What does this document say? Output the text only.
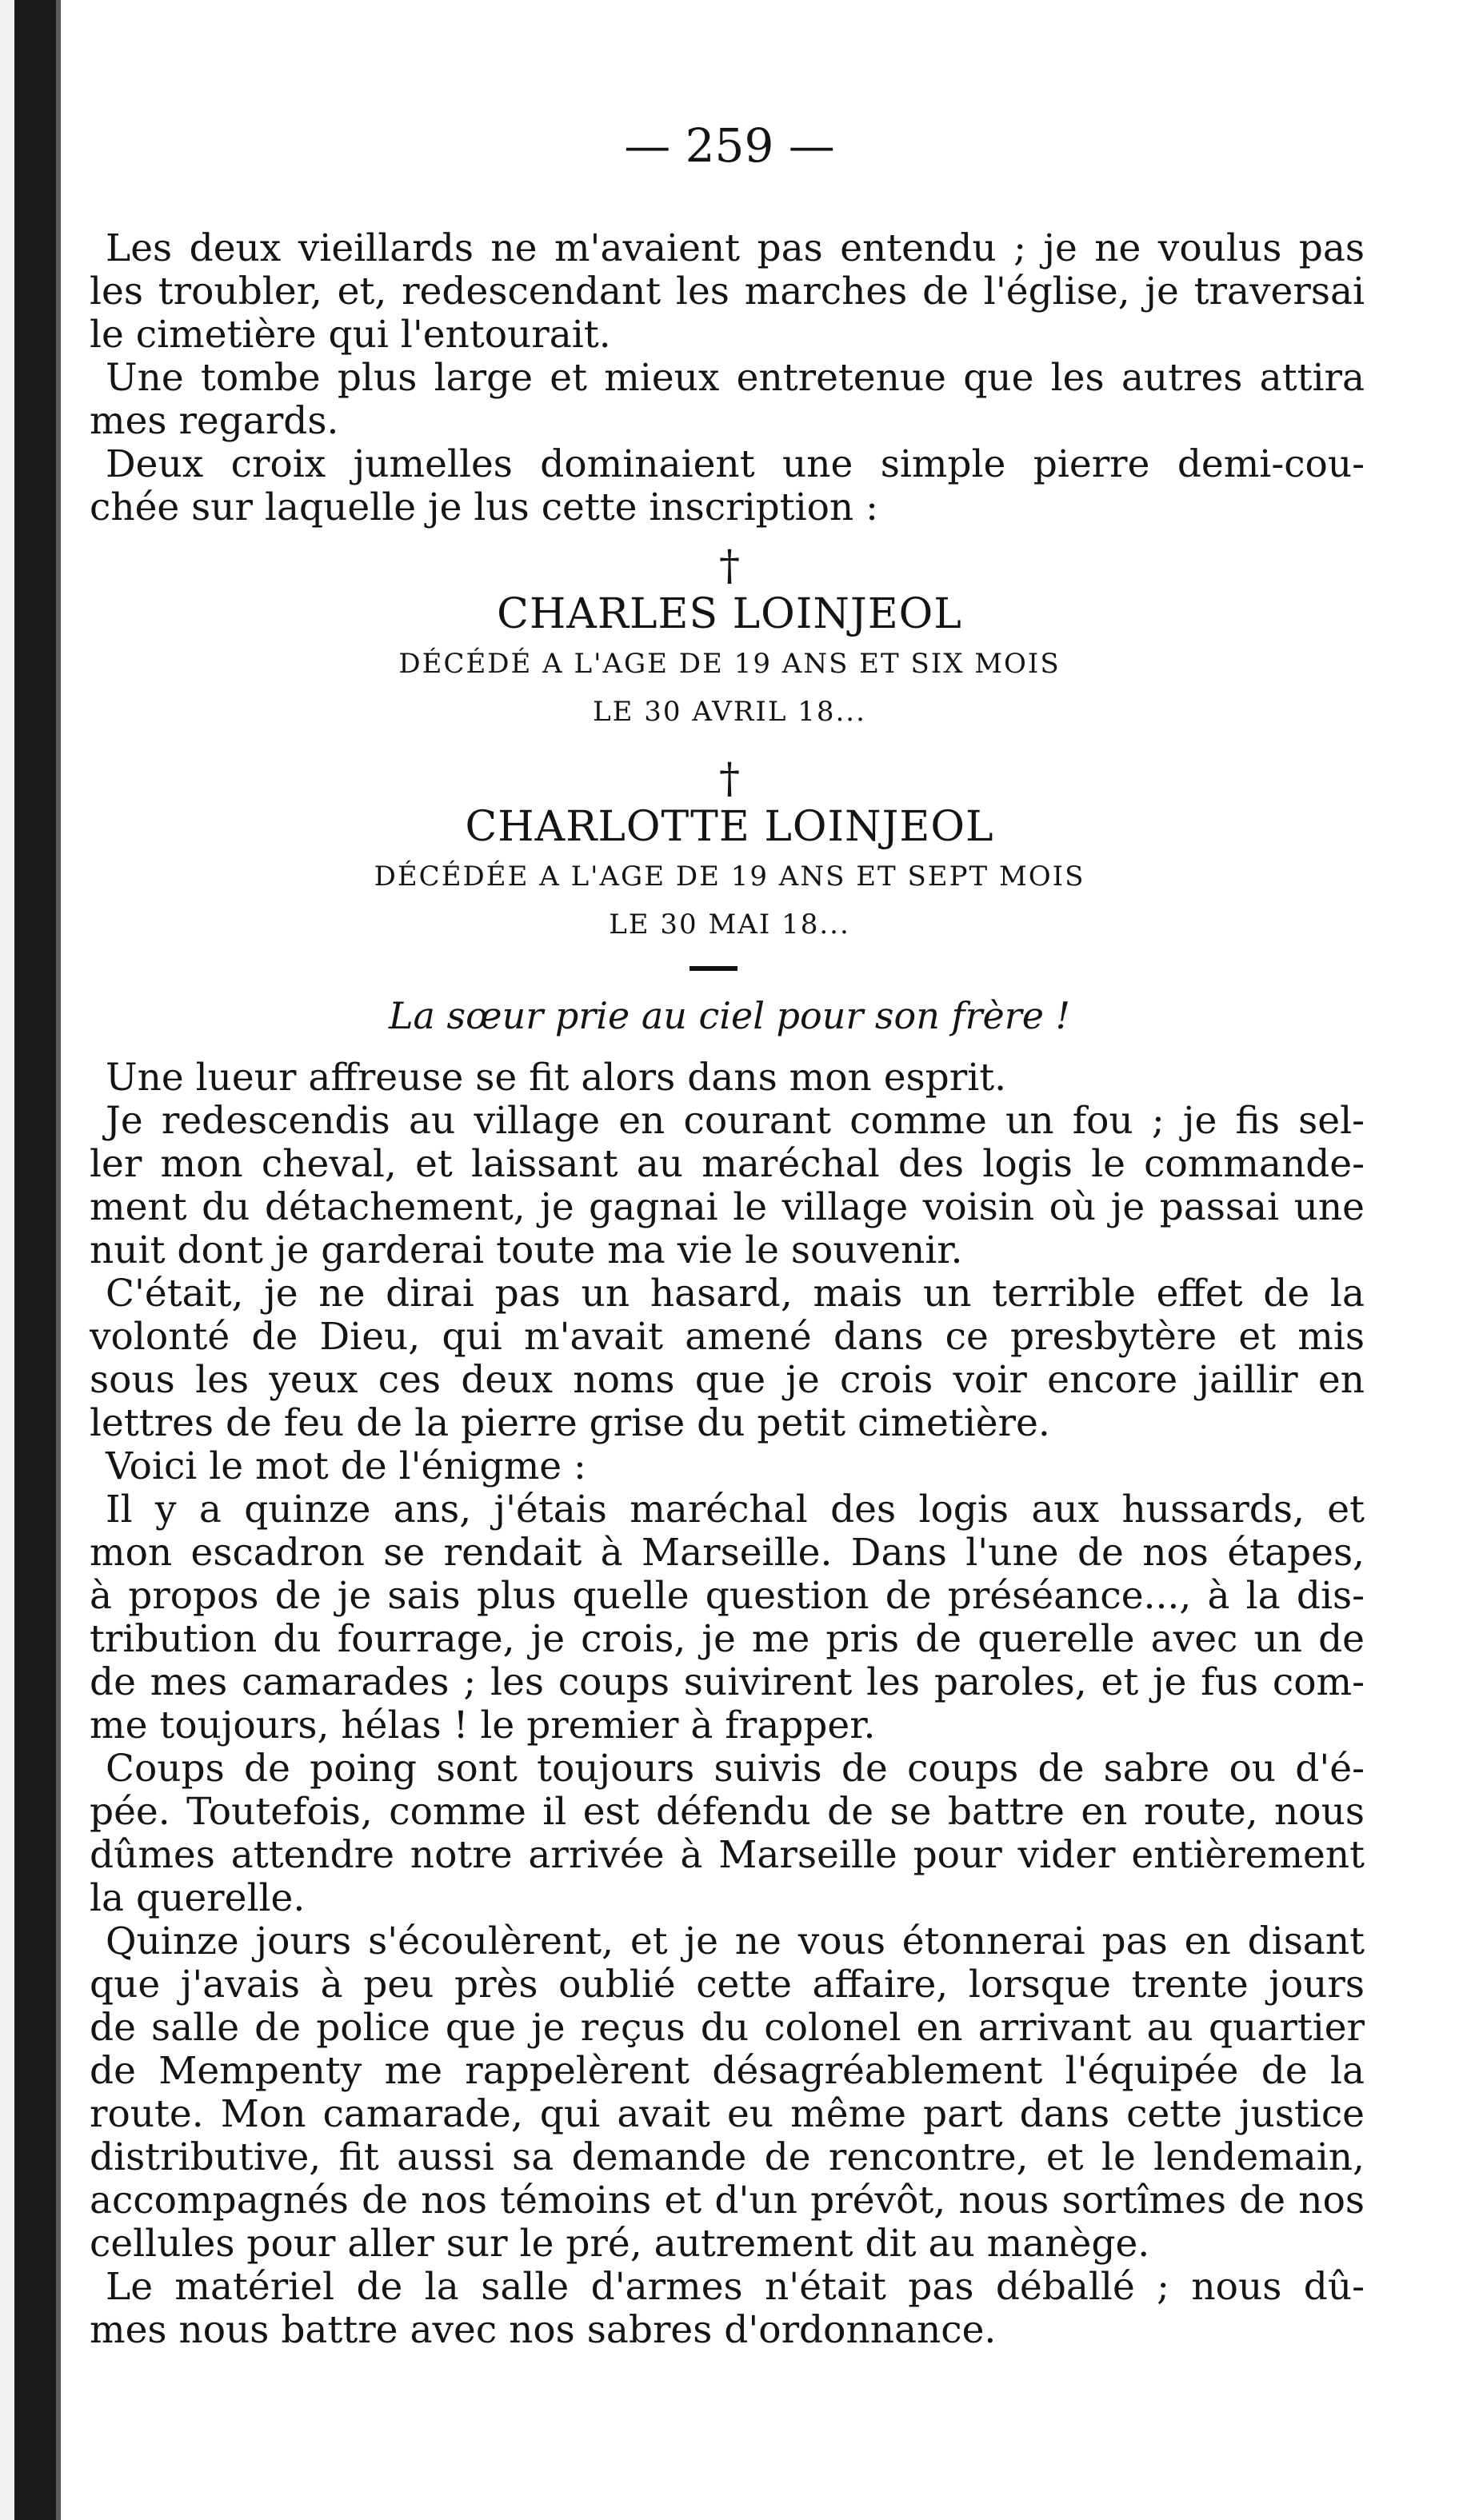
— 259 —
Les deux vieillards ne m'avaient pas entendu ; je ne voulus pas
les troubler, et, redescendant les marches de l'église, je traversai
le cimetière qui l'entourait.
Une tombe plus large et mieux entretenue que les autres attira
mes regards.
Deux croix jumelles dominaient une simple pierre demi-cou-
chée sur laquelle je lus cette inscription :
†
CHARLES LOINJEOL
DÉCÉDÉ A L'AGE DE 19 ANS ET SIX MOIS
LE 30 AVRIL 18...
†
CHARLOTTE LOINJEOL
DÉCÉDÉE A L'AGE DE 19 ANS ET SEPT MOIS
LE 30 MAI 18...
La sœur prie au ciel pour son frère !
Une lueur affreuse se fit alors dans mon esprit.
Je redescendis au village en courant comme un fou ; je fis sel-
ler mon cheval, et laissant au maréchal des logis le commande-
ment du détachement, je gagnai le village voisin où je passai une
nuit dont je garderai toute ma vie le souvenir.
C'était, je ne dirai pas un hasard, mais un terrible effet de la
volonté de Dieu, qui m'avait amené dans ce presbytère et mis
sous les yeux ces deux noms que je crois voir encore jaillir en
lettres de feu de la pierre grise du petit cimetière.
Voici le mot de l'énigme :
Il y a quinze ans, j'étais maréchal des logis aux hussards, et
mon escadron se rendait à Marseille. Dans l'une de nos étapes,
à propos de je sais plus quelle question de préséance..., à la dis-
tribution du fourrage, je crois, je me pris de querelle avec un de
de mes camarades ; les coups suivirent les paroles, et je fus com-
me toujours, hélas ! le premier à frapper.
Coups de poing sont toujours suivis de coups de sabre ou d'é-
pée. Toutefois, comme il est défendu de se battre en route, nous
dûmes attendre notre arrivée à Marseille pour vider entièrement
la querelle.
Quinze jours s'écoulèrent, et je ne vous étonnerai pas en disant
que j'avais à peu près oublié cette affaire, lorsque trente jours
de salle de police que je reçus du colonel en arrivant au quartier
de Mempenty me rappelèrent désagréablement l'équipée de la
route. Mon camarade, qui avait eu même part dans cette justice
distributive, fit aussi sa demande de rencontre, et le lendemain,
accompagnés de nos témoins et d'un prévôt, nous sortîmes de nos
cellules pour aller sur le pré, autrement dit au manège.
Le matériel de la salle d'armes n'était pas déballé ; nous dû-
mes nous battre avec nos sabres d'ordonnance.
